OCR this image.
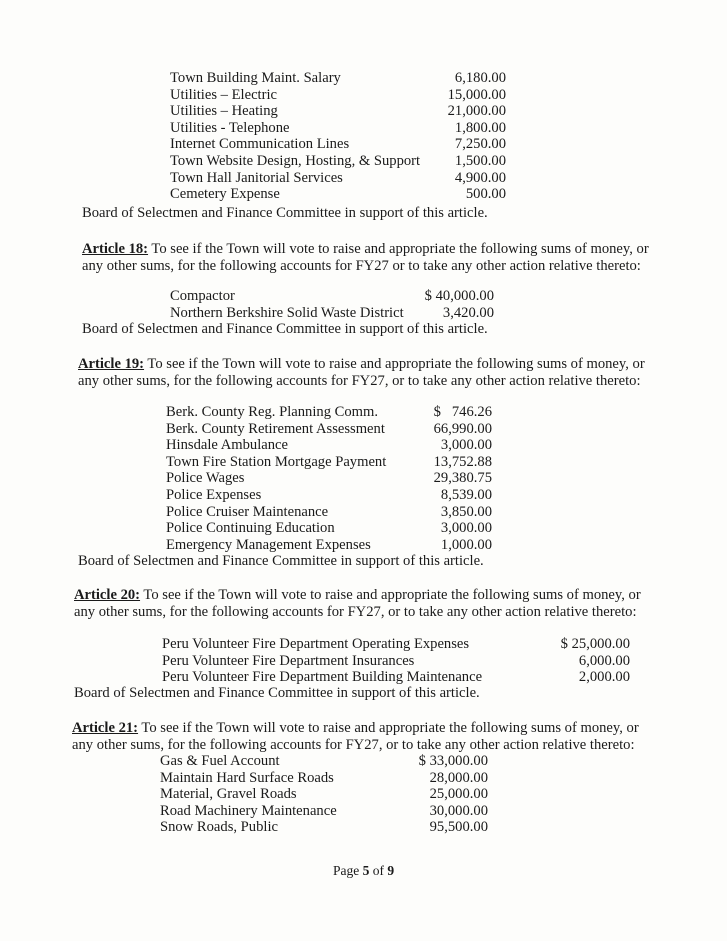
Town Building Maint. Salary	6,180.00
Utilities – Electric	15,000.00
Utilities – Heating	21,000.00
Utilities - Telephone	1,800.00
Internet Communication Lines	7,250.00
Town Website Design, Hosting, & Support 1,500.00
Town Hall Janitorial Services	4,900.00
Cemetery Expense	500.00
Board of Selectmen and Finance Committee in support of this article.
Article 18: To see if the Town will vote to raise and appropriate the following sums of money, or
any other sums, for the following accounts for FY27 or to take any other action relative thereto:
Compactor	$ 40,000.00
Northern Berkshire Solid Waste District	3,420.00
Board of Selectmen and Finance Committee in support of this article.
Article 19: To see if the Town will vote to raise and appropriate the following sums of money, or
any other sums, for the following accounts for FY27, or to take any other action relative thereto:
Berk. County Reg. Planning Comm.	$   746.26
Berk. County Retirement Assessment	66,990.00
Hinsdale Ambulance	3,000.00
Town Fire Station Mortgage Payment	13,752.88
Police Wages	29,380.75
Police Expenses	8,539.00
Police Cruiser Maintenance	3,850.00
Police Continuing Education	3,000.00
Emergency Management Expenses	1,000.00
Board of Selectmen and Finance Committee in support of this article.
Article 20: To see if the Town will vote to raise and appropriate the following sums of money, or
any other sums, for the following accounts for FY27, or to take any other action relative thereto:
Peru Volunteer Fire Department Operating Expenses	$ 25,000.00
Peru Volunteer Fire Department Insurances	6,000.00
Peru Volunteer Fire Department Building Maintenance	2,000.00
Board of Selectmen and Finance Committee in support of this article.
Article 21: To see if the Town will vote to raise and appropriate the following sums of money, or
any other sums, for the following accounts for FY27, or to take any other action relative thereto:
Gas & Fuel Account	$ 33,000.00
Maintain Hard Surface Roads	28,000.00
Material, Gravel Roads	25,000.00
Road Machinery Maintenance	30,000.00
Snow Roads, Public	95,500.00
Page 5 of 9
